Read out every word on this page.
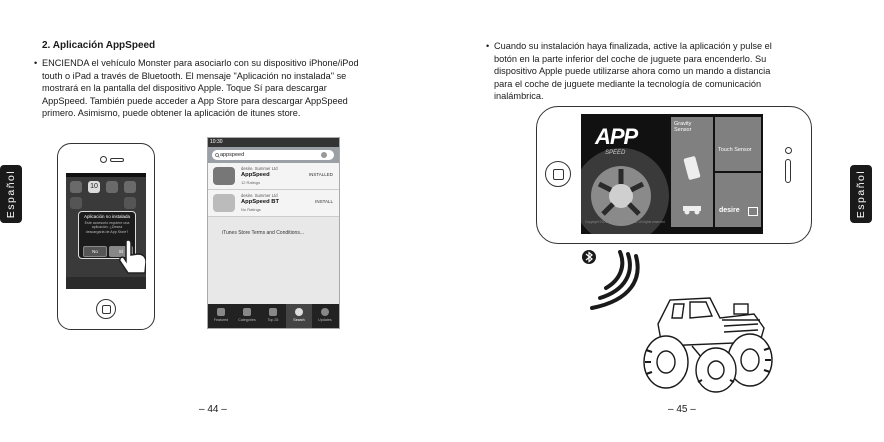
2. Aplicación AppSpeed
• ENCIENDA el vehículo Monster para asociarlo con su dispositivo iPhone/iPod
touth o iPad a través de Bluetooth. El mensaje "Aplicación no instalada" se
mostrará en la pantalla del dispositivo Apple. Toque Sí para descargar
AppSpeed. También puede acceder a App Store para descargar AppSpeed
primero. Asimismo, puede obtener la aplicación de itunes store.
Español	10
Aplicación no instalada
Este accesorio requiere una aplicación. ¿Desea descargarla de App Store?
No	Sí
10:30
appspeed
desire. Summer Ltd
AppSpeed
12 Ratings
INSTALLED
desire. Summer Ltd
AppSpeed BT
No Ratings
INSTALL
iTunes Store Terms and Conditions...
Featured	Categories	Top 25	Search	Updates
– 44 –
• Cuando su instalación haya finalizada, active la aplicación y pulse el
botón en la parte inferior del coche de juguete para encenderlo. Su
dispositivo Apple puede utilizarse ahora como un mando a distancia
para el coche de juguete mediante la tecnología de comunicación
inalámbrica.
Español
APP
SPEED
Gravity Sensor
Touch Sensor
desire
Copyright ©2011 desire. Summer Ltd. All rights reserved.
– 45 –
